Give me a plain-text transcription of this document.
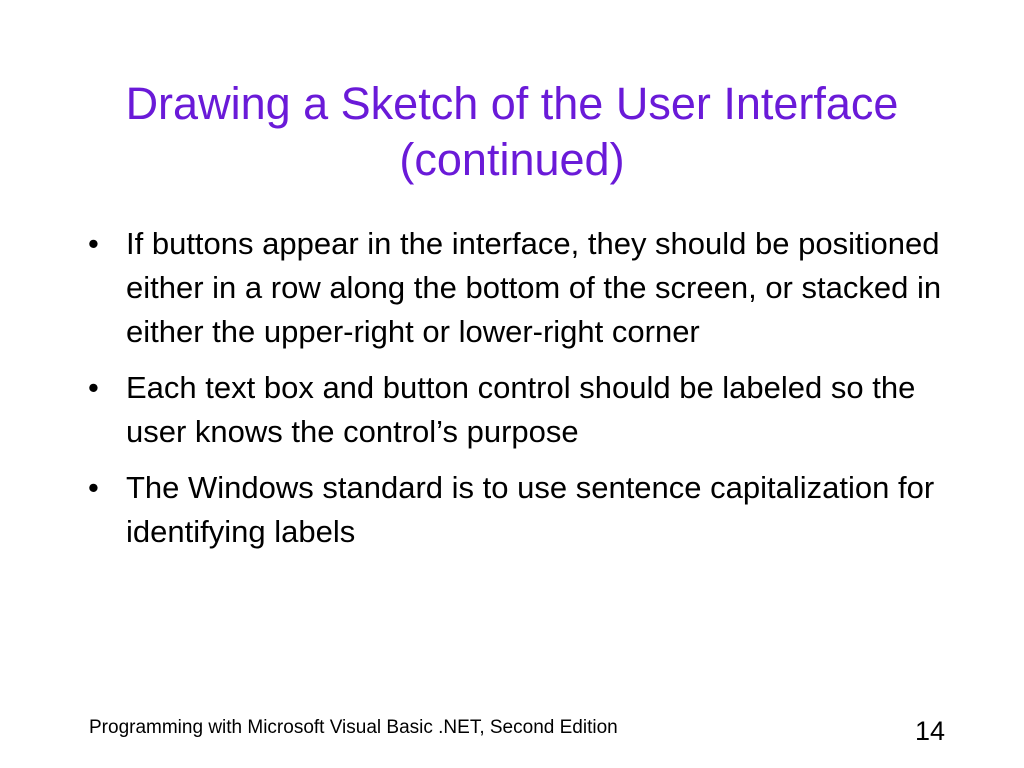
Drawing a Sketch of the User Interface (continued)
• If buttons appear in the interface, they should be positioned either in a row along the bottom of the screen, or stacked in either the upper-right or lower-right corner
• Each text box and button control should be labeled so the user knows the control’s purpose
• The Windows standard is to use sentence capitalization for identifying labels
Programming with Microsoft Visual Basic .NET, Second Edition	14
